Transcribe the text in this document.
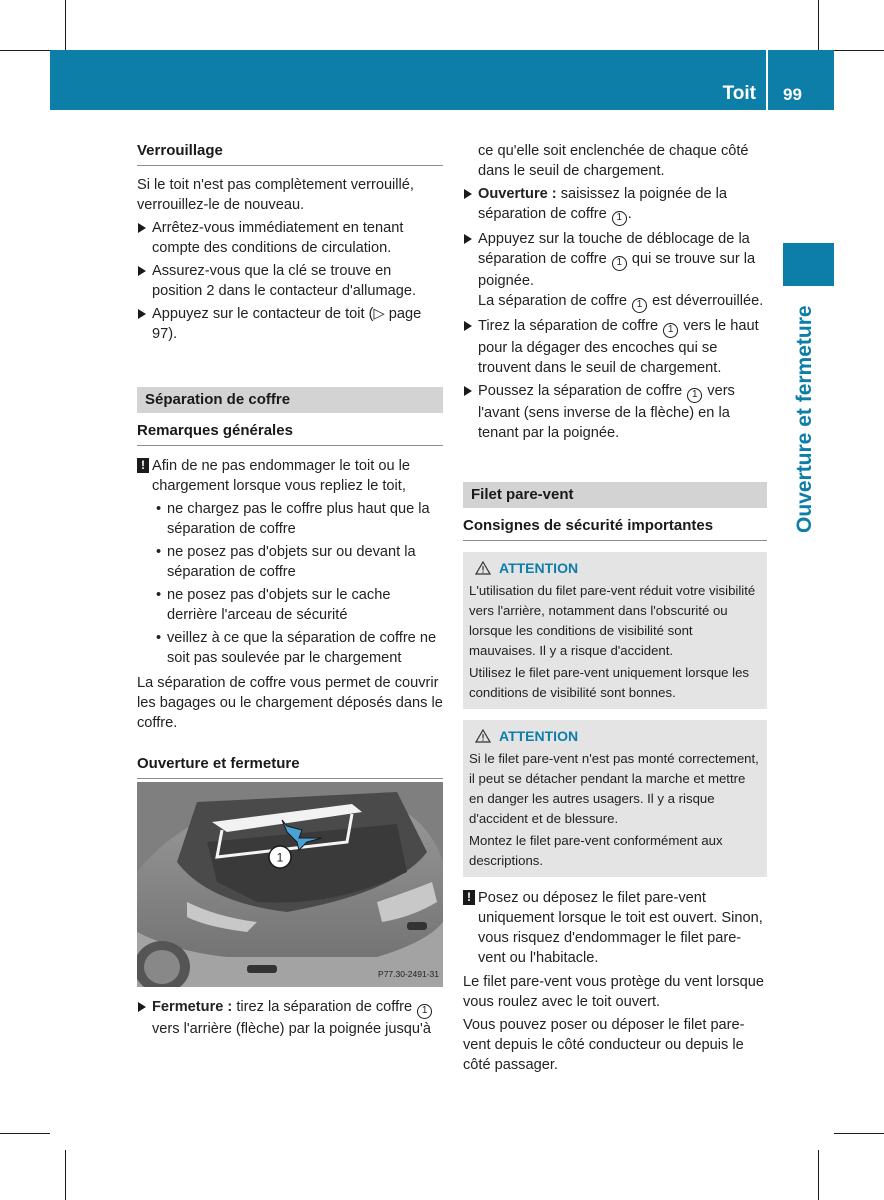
Toit 99
Ouverture et fermeture
Verrouillage

Si le toit n'est pas complètement verrouillé, verrouillez-le de nouveau.

Arrêtez-vous immédiatement en tenant compte des conditions de circulation.
Assurez-vous que la clé se trouve en position 2 dans le contacteur d'allumage.
Appuyez sur le contacteur de toit (▷ page 97).
Séparation de coffre
Remarques générales
! Afin de ne pas endommager le toit ou le chargement lorsque vous repliez le toit,
• ne chargez pas le coffre plus haut que la séparation de coffre
• ne posez pas d'objets sur ou devant la séparation de coffre
• ne posez pas d'objets sur le cache derrière l'arceau de sécurité
• veillez à ce que la séparation de coffre ne soit pas soulevée par le chargement

La séparation de coffre vous permet de couvrir les bagages ou le chargement déposés dans le coffre.

Ouverture et fermeture
1
P77.30-2491-31
Fermeture : tirez la séparation de coffre 1 vers l'arrière (flèche) par la poignée jusqu'à

ce qu'elle soit enclenchée de chaque côté dans le seuil de chargement.

Ouverture : saisissez la poignée de la séparation de coffre 1 .
Appuyez sur la touche de déblocage de la séparation de coffre 1 qui se trouve sur la poignée.
La séparation de coffre 1 est déverrouillée.
Tirez la séparation de coffre 1 vers le haut pour la dégager des encoches qui se trouvent dans le seuil de chargement.
Poussez la séparation de coffre 1 vers l'avant (sens inverse de la flèche) en la tenant par la poignée.
Filet pare-vent
Consignes de sécurité importantes
ATTENTION

L'utilisation du filet pare-vent réduit votre visibilité vers l'arrière, notamment dans l'obscurité ou lorsque les conditions de visibilité sont mauvaises. Il y a risque d'accident.

Utilisez le filet pare-vent uniquement lorsque les conditions de visibilité sont bonnes.

ATTENTION

Si le filet pare-vent n'est pas monté correctement, il peut se détacher pendant la marche et mettre en danger les autres usagers. Il y a risque d'accident et de blessure.

Montez le filet pare-vent conformément aux descriptions.

! Posez ou déposez le filet pare-vent uniquement lorsque le toit est ouvert. Sinon, vous risquez d'endommager le filet pare-vent ou l'habitacle.

Le filet pare-vent vous protège du vent lorsque vous roulez avec le toit ouvert.

Vous pouvez poser ou déposer le filet pare-vent depuis le côté conducteur ou depuis le côté passager.
